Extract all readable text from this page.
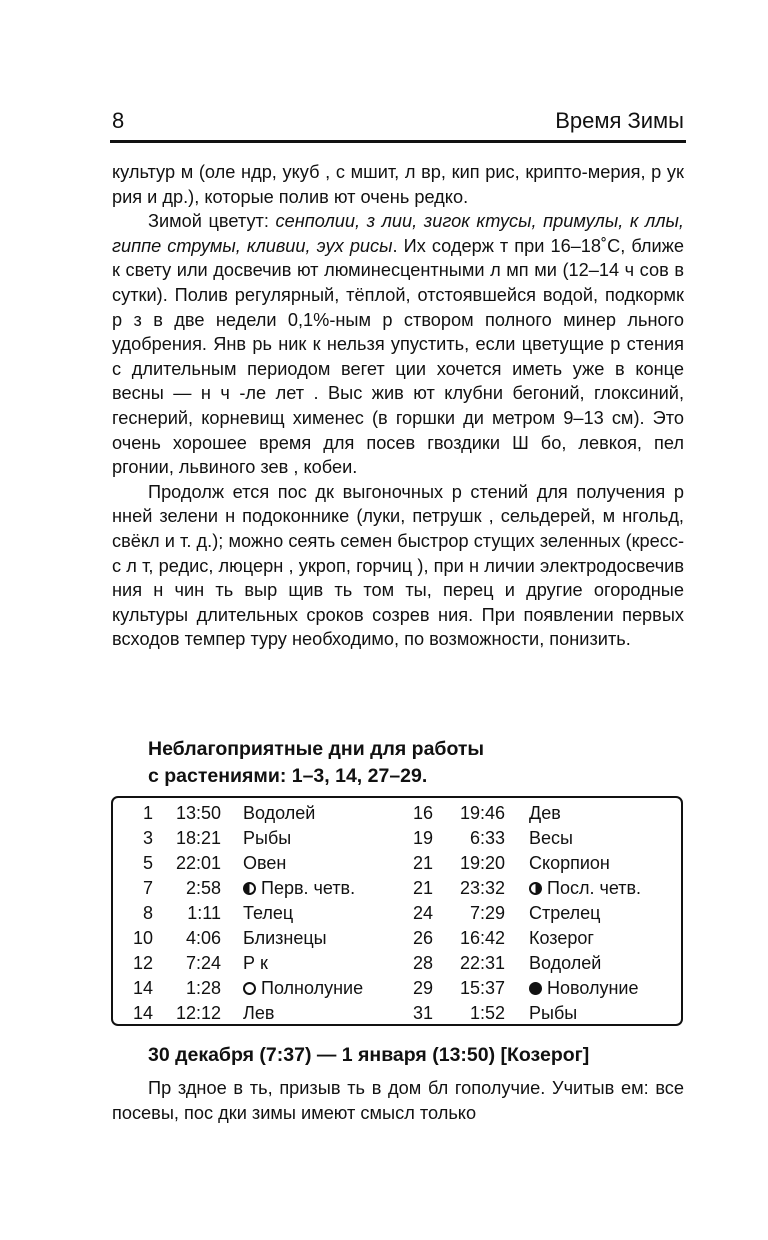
8	Время Зимы

культур м (оле ндр, укуб , с мшит, л вр, кип рис, крипто-мерия, р ук рия и др.), которые полив ют очень редко.

Зимой цветут: сенполии, з лии, зигок ктусы, примулы, к ллы, гиппе струмы, кливии, эух рисы. Их содерж т при 16–18˚С, ближе к свету или досвечив ют люминесцентными л мп ми (12–14 ч сов в сутки). Полив регулярный, тёплой, отстоявшейся водой, подкормк р з в две недели 0,1%-ным р створом полного минер льного удобрения. Янв рь ник к нельзя упустить, если цветущие р стения с длительным периодом вегет ции хочется иметь уже в конце весны — н ч -ле лет . Выс жив ют клубни бегоний, глоксиний, геснерий, корневищ хименес (в горшки ди метром 9–13 см). Это очень хорошее время для посев гвоздики Ш бо, левкоя, пел ргонии, львиного зев , кобеи.

Продолж ется пос дк выгоночных р стений для получения р нней зелени н подоконнике (луки, петрушк , сельдерей, м нгольд, свёкл и т. д.); можно сеять семен быстрор стущих зеленных (кресс-с л т, редис, люцерн , укроп, горчиц ), при н личии электродосвечив ния н чин ть выр щив ть том ты, перец и другие огородные культуры длительных сроков созрев ния. При появлении первых всходов темпер туру необходимо, по возможности, понизить.

Неблагоприятные дни для работы
с растениями: 1–3, 14, 27–29.
1	13:50 Водолей	16	19:46 Дев
3	18:21 Рыбы	19	6:33 Весы
5	22:01 Овен	21	19:20 Скорпион
7	2:58	Перв. четв.	21	23:32	Посл. четв.
8	1:11 Телец	24	7:29 Стрелец
10	4:06 Близнецы	26	16:42 Козерог
12	7:24 Р к	28	22:31 Водолей
14	1:28	Полнолуние	29	15:37	Новолуние
14	12:12 Лев	31	1:52 Рыбы
30 декабря (7:37) — 1 января (13:50) [Козерог]

Пр здное в ть, призыв ть в дом бл гополучие. Учитыв ем: все посевы, пос дки зимы имеют смысл только
